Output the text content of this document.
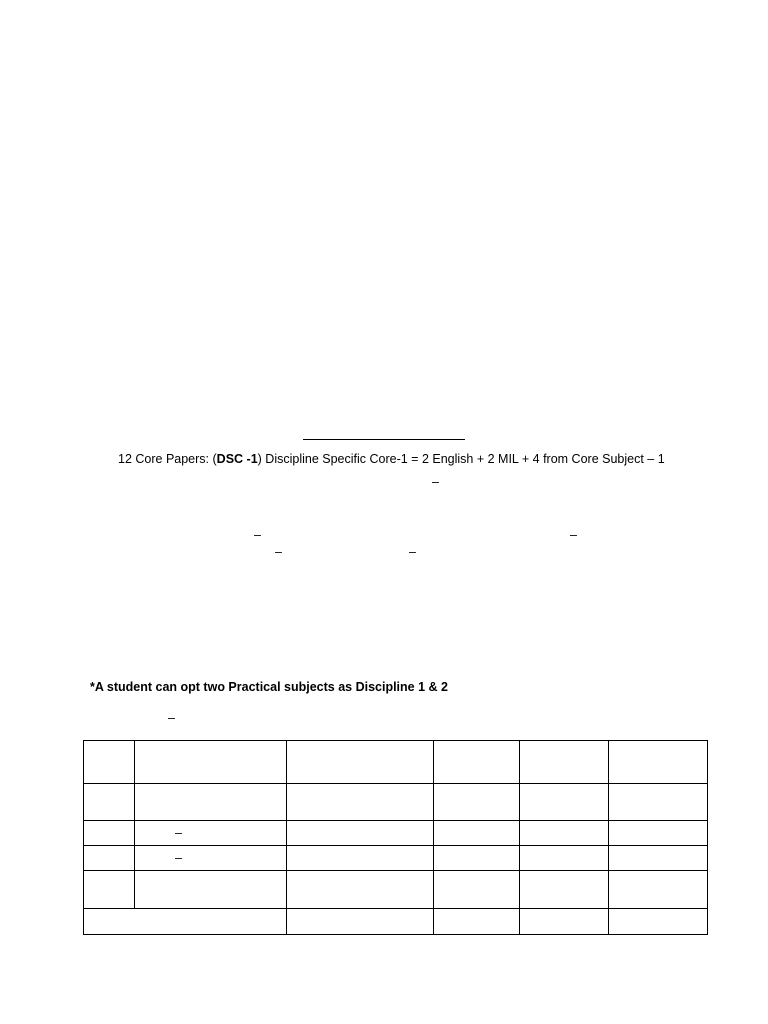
12 Core Papers: (DSC -1) Discipline Specific Core-1 = 2 English + 2 MIL + 4 from Core Subject – 1
–
–	–
–	–
*A student can opt two Practical subjects as Discipline 1 & 2
–

	–				
	–				
